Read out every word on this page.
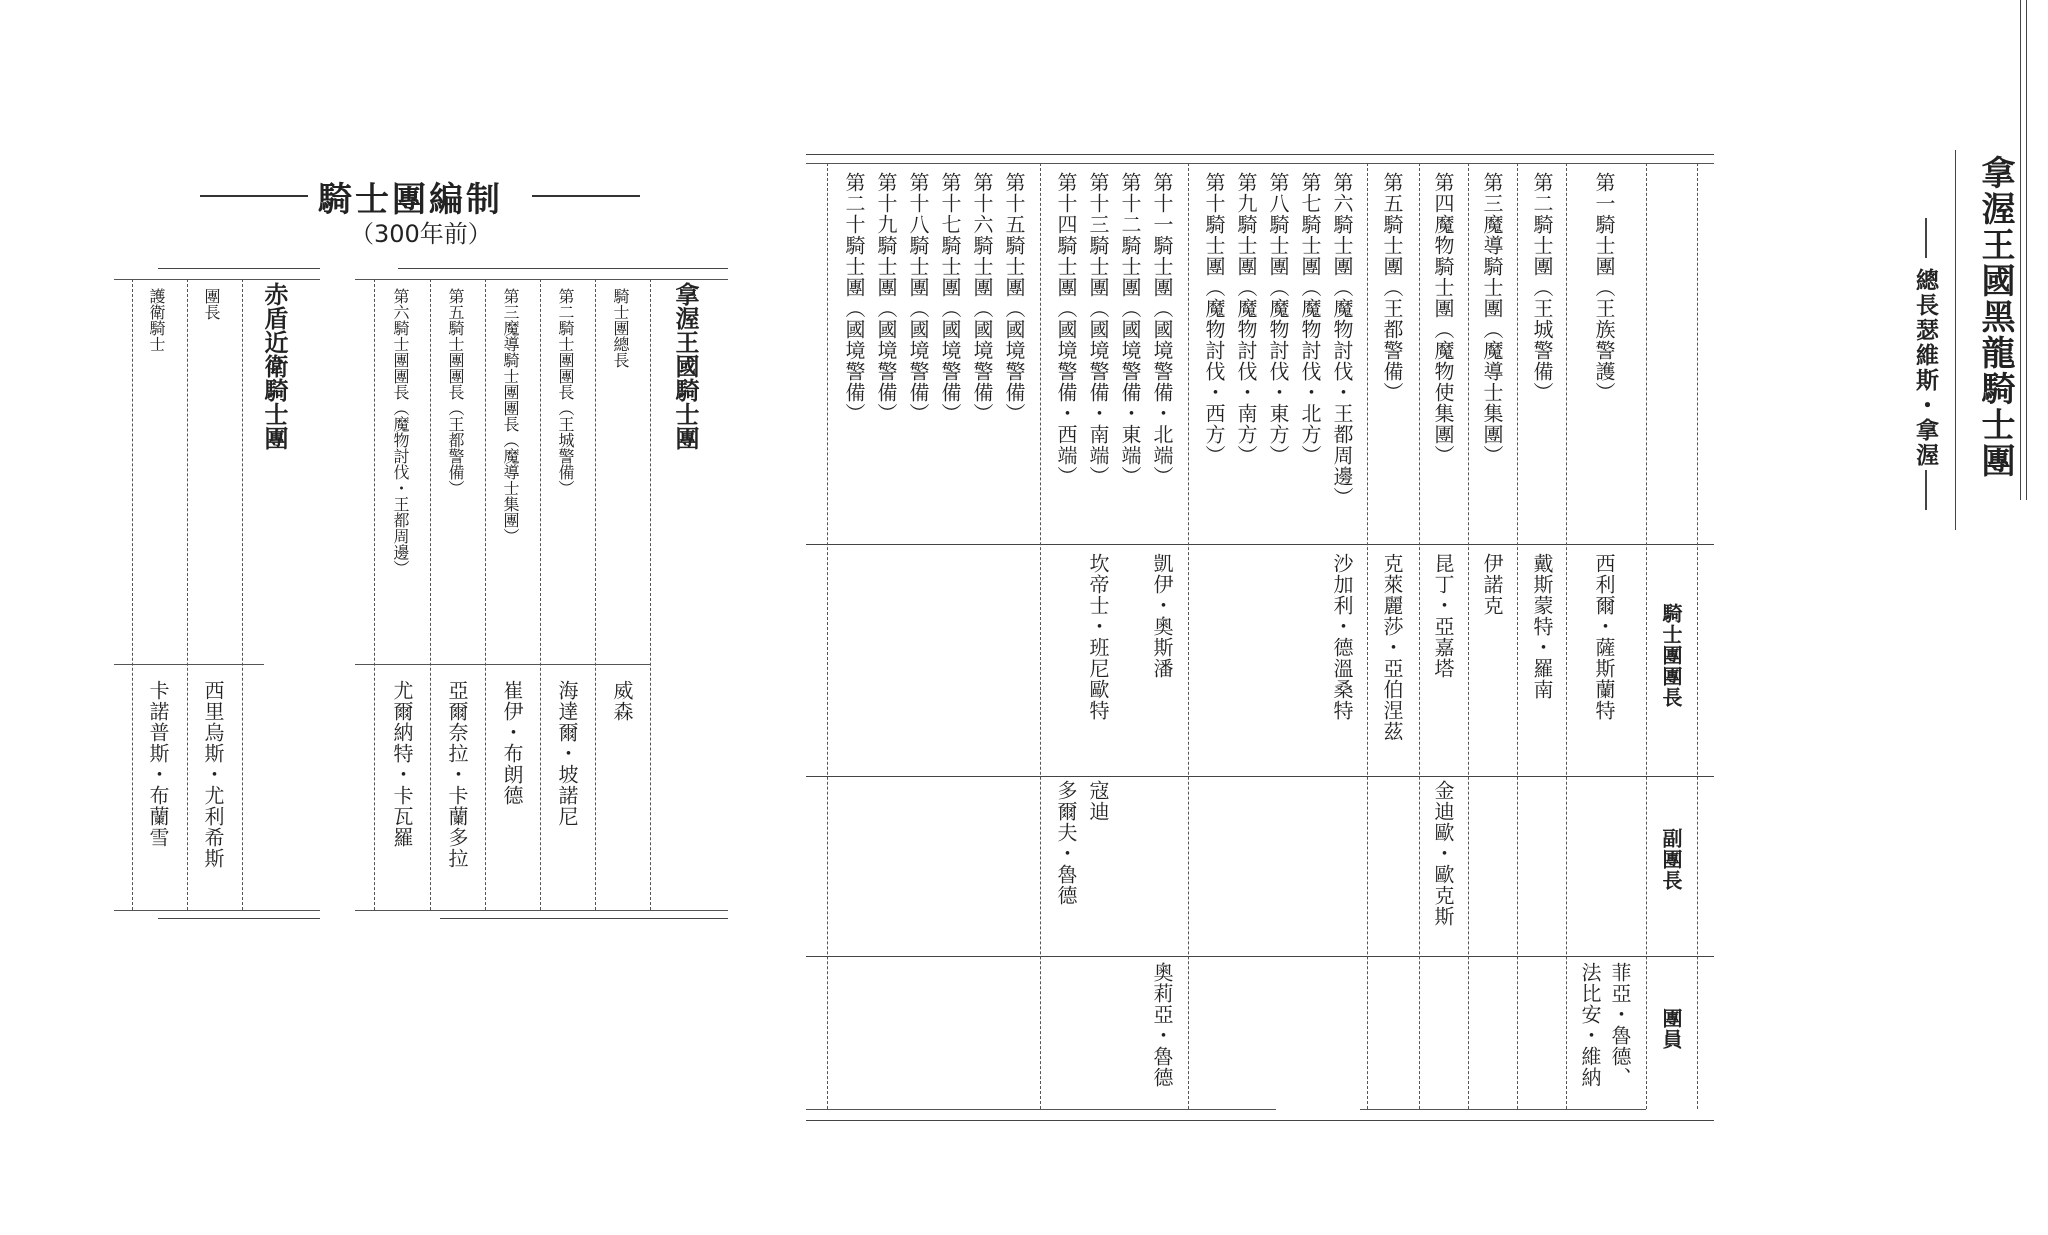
拿渥王國黑龍騎士團
總長瑟維斯・拿渥
騎士團團長
副團長
團員
第一騎士團（王族警護）
西利爾・薩斯蘭特
菲亞・魯德、
法比安・維納
第二騎士團（王城警備）
戴斯蒙特・羅南
第三魔導騎士團（魔導士集團）
伊諾克
第四魔物騎士團（魔物使集團）
昆丁・亞嘉塔
金迪歐・歐克斯
第五騎士團（王都警備）
克萊麗莎・亞伯涅茲
第六騎士團（魔物討伐・王都周邊）
第七騎士團（魔物討伐・北方）
第八騎士團（魔物討伐・東方）
第九騎士團（魔物討伐・南方）
第十騎士團（魔物討伐・西方）
沙加利・德溫桑特
第十一騎士團（國境警備・北端）
第十二騎士團（國境警備・東端）
第十三騎士團（國境警備・南端）
第十四騎士團（國境警備・西端）
凱伊・奧斯潘
坎帝士・班尼歐特
寇迪
多爾夫・魯德
奧莉亞・魯德
第十五騎士團（國境警備）
第十六騎士團（國境警備）
第十七騎士團（國境警備）
第十八騎士團（國境警備）
第十九騎士團（國境警備）
第二十騎士團（國境警備）
騎士團編制
（300年前）
拿渥王國騎士團
騎士團總長
第二騎士團團長（王城警備）
第三魔導騎士團團長（魔導士集團）
第五騎士團團長（王都警備）
第六騎士團團長（魔物討伐・王都周邊）
威森
海達爾・坡諾尼
崔伊・布朗德
亞爾奈拉・卡蘭多拉
尤爾納特・卡瓦羅
赤盾近衛騎士團
團長
護衛騎士
西里烏斯・尤利希斯
卡諾普斯・布蘭雪
